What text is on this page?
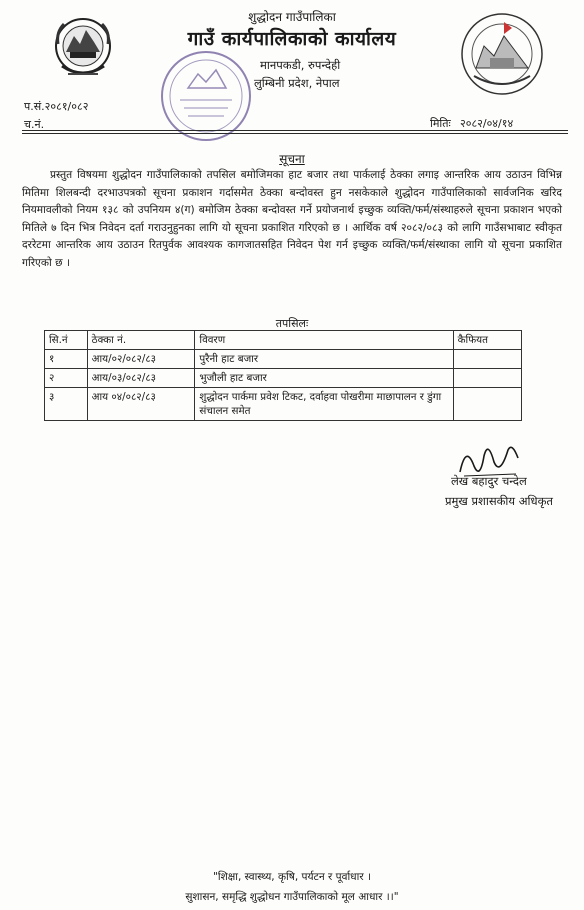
शुद्धोदन गाउँपालिका
गाउँ कार्यपालिकाको कार्यालय
मानपकडी, रुपन्देही
लुम्बिनी प्रदेश, नेपाल
प.सं.२०८१/०८२
च.नं.	मितिः २०८२/०४/१४
सूचना
प्रस्तुत विषयमा शुद्धोदन गाउँपालिकाको तपसिल बमोजिमका हाट बजार तथा पार्कलाई ठेक्का लगाइ आन्तरिक आय उठाउन विभिन्न मितिमा शिलबन्दी दरभाउपत्रको सूचना प्रकाशन गर्दासमेत ठेक्का बन्दोवस्त हुन नसकेकाले शुद्धोदन गाउँपालिकाको सार्वजनिक खरिद नियमावलीको नियम १३८ को उपनियम ४(ग) बमोजिम ठेक्का बन्दोवस्त गर्ने प्रयोजनार्थ इच्छुक व्यक्ति/फर्म/संस्थाहरुले सूचना प्रकाशन भएको मितिले ७ दिन भित्र निवेदन दर्ता गराउनुहुनका लागि यो सूचना प्रकाशित गरिएको छ । आर्थिक वर्ष २०८२/०८३ को लागि गाउँसभाबाट स्वीकृत दररेटमा आन्तरिक आय उठाउन रितपुर्वक आवश्यक कागजातसहित निवेदन पेश गर्न इच्छुक व्यक्ति/फर्म/संस्थाका लागि यो सूचना प्रकाशित गरिएको छ ।
तपसिलः
सि.नं	ठेक्का नं.	विवरण	कैफियत
१	आय/०२/०८२/८३	पुरैनी हाट बजार	
२	आय/०३/०८२/८३	भुजौली हाट बजार	
३	आय ०४/०८२/८३	शुद्धोदन पार्कमा प्रवेश टिकट, दर्वाहवा पोखरीमा माछापालन र डुंगा संचालन समेत	
लेख बहादुर चन्देल
प्रमुख प्रशासकीय अधिकृत
"शिक्षा, स्वास्थ्य, कृषि, पर्यटन र पूर्वाधार ।
सुशासन, समृद्धि शुद्धोधन गाउँपालिकाको मूल आधार ।।"
